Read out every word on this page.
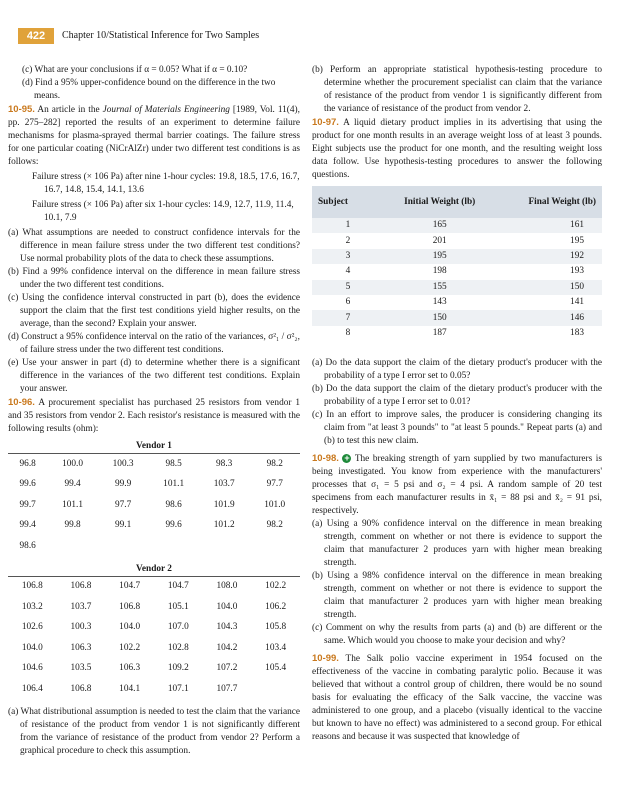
422	Chapter 10/Statistical Inference for Two Samples

(c) What are your conclusions if α = 0.05? What if α = 0.10?

(d) Find a 95% upper-confidence bound on the difference in the two means.

10-95. An article in the Journal of Materials Engineering [1989, Vol. 11(4), pp. 275–282] reported the results of an experiment to determine failure mechanisms for plasma-sprayed thermal barrier coatings. The failure stress for one particular coating (NiCrAlZr) under two different test conditions is as follows:

Failure stress (× 106 Pa) after nine 1-hour cycles: 19.8, 18.5, 17.6, 16.7, 16.7, 14.8, 15.4, 14.1, 13.6

Failure stress (× 106 Pa) after six 1-hour cycles: 14.9, 12.7, 11.9, 11.4, 10.1, 7.9

(a) What assumptions are needed to construct confidence intervals for the difference in mean failure stress under the two different test conditions? Use normal probability plots of the data to check these assumptions.

(b) Find a 99% confidence interval on the difference in mean failure stress under the two different test conditions.

(c) Using the confidence interval constructed in part (b), does the evidence support the claim that the first test conditions yield higher results, on the average, than the second? Explain your answer.

(d) Construct a 95% confidence interval on the ratio of the variances, σ²₁ / σ²₂, of failure stress under the two different test conditions.

(e) Use your answer in part (d) to determine whether there is a significant difference in the variances of the two different test conditions. Explain your answer.

10-96. A procurement specialist has purchased 25 resistors from vendor 1 and 35 resistors from vendor 2. Each resistor's resistance is measured with the following results (ohm):

Vendor 1
96.8	100.0	100.3	98.5	98.3	98.2
99.6	99.4	99.9	101.1	103.7	97.7
99.7	101.1	97.7	98.6	101.9	101.0
99.4	99.8	99.1	99.6	101.2	98.2
98.6					
Vendor 2
106.8	106.8	104.7	104.7	108.0	102.2
103.2	103.7	106.8	105.1	104.0	106.2
102.6	100.3	104.0	107.0	104.3	105.8
104.0	106.3	102.2	102.8	104.2	103.4
104.6	103.5	106.3	109.2	107.2	105.4
106.4	106.8	104.1	107.1	107.7	

(a) What distributional assumption is needed to test the claim that the variance of resistance of the product from vendor 1 is not significantly different from the variance of resistance of the product from vendor 2? Perform a graphical procedure to check this assumption.

(b) Perform an appropriate statistical hypothesis-testing procedure to determine whether the procurement specialist can claim that the variance of resistance of the product from vendor 1 is significantly different from the variance of resistance of the product from vendor 2.

10-97. A liquid dietary product implies in its advertising that using the product for one month results in an average weight loss of at least 3 pounds. Eight subjects use the product for one month, and the resulting weight loss data follow. Use hypothesis-testing procedures to answer the following questions.

Subject	Initial Weight (lb)	Final Weight (lb)
1	165	161
2	201	195
3	195	192
4	198	193
5	155	150
6	143	141
7	150	146
8	187	183

(a) Do the data support the claim of the dietary product's producer with the probability of a type I error set to 0.05?

(b) Do the data support the claim of the dietary product's producer with the probability of a type I error set to 0.01?

(c) In an effort to improve sales, the producer is considering changing its claim from "at least 3 pounds" to "at least 5 pounds." Repeat parts (a) and (b) to test this new claim.

10-98. + The breaking strength of yarn supplied by two manufacturers is being investigated. You know from experience with the manufacturers' processes that σ₁ = 5 psi and σ₂ = 4 psi. A random sample of 20 test specimens from each manufacturer results in x̄₁ = 88 psi and x̄₂ = 91 psi, respectively.

(a) Using a 90% confidence interval on the difference in mean breaking strength, comment on whether or not there is evidence to support the claim that manufacturer 2 produces yarn with higher mean breaking strength.

(b) Using a 98% confidence interval on the difference in mean breaking strength, comment on whether or not there is evidence to support the claim that manufacturer 2 produces yarn with higher mean breaking strength.

(c) Comment on why the results from parts (a) and (b) are different or the same. Which would you choose to make your decision and why?

10-99. The Salk polio vaccine experiment in 1954 focused on the effectiveness of the vaccine in combating paralytic polio. Because it was believed that without a control group of children, there would be no sound basis for evaluating the efficacy of the Salk vaccine, the vaccine was administered to one group, and a placebo (visually identical to the vaccine but known to have no effect) was administered to a second group. For ethical reasons and because it was suspected that knowledge of
